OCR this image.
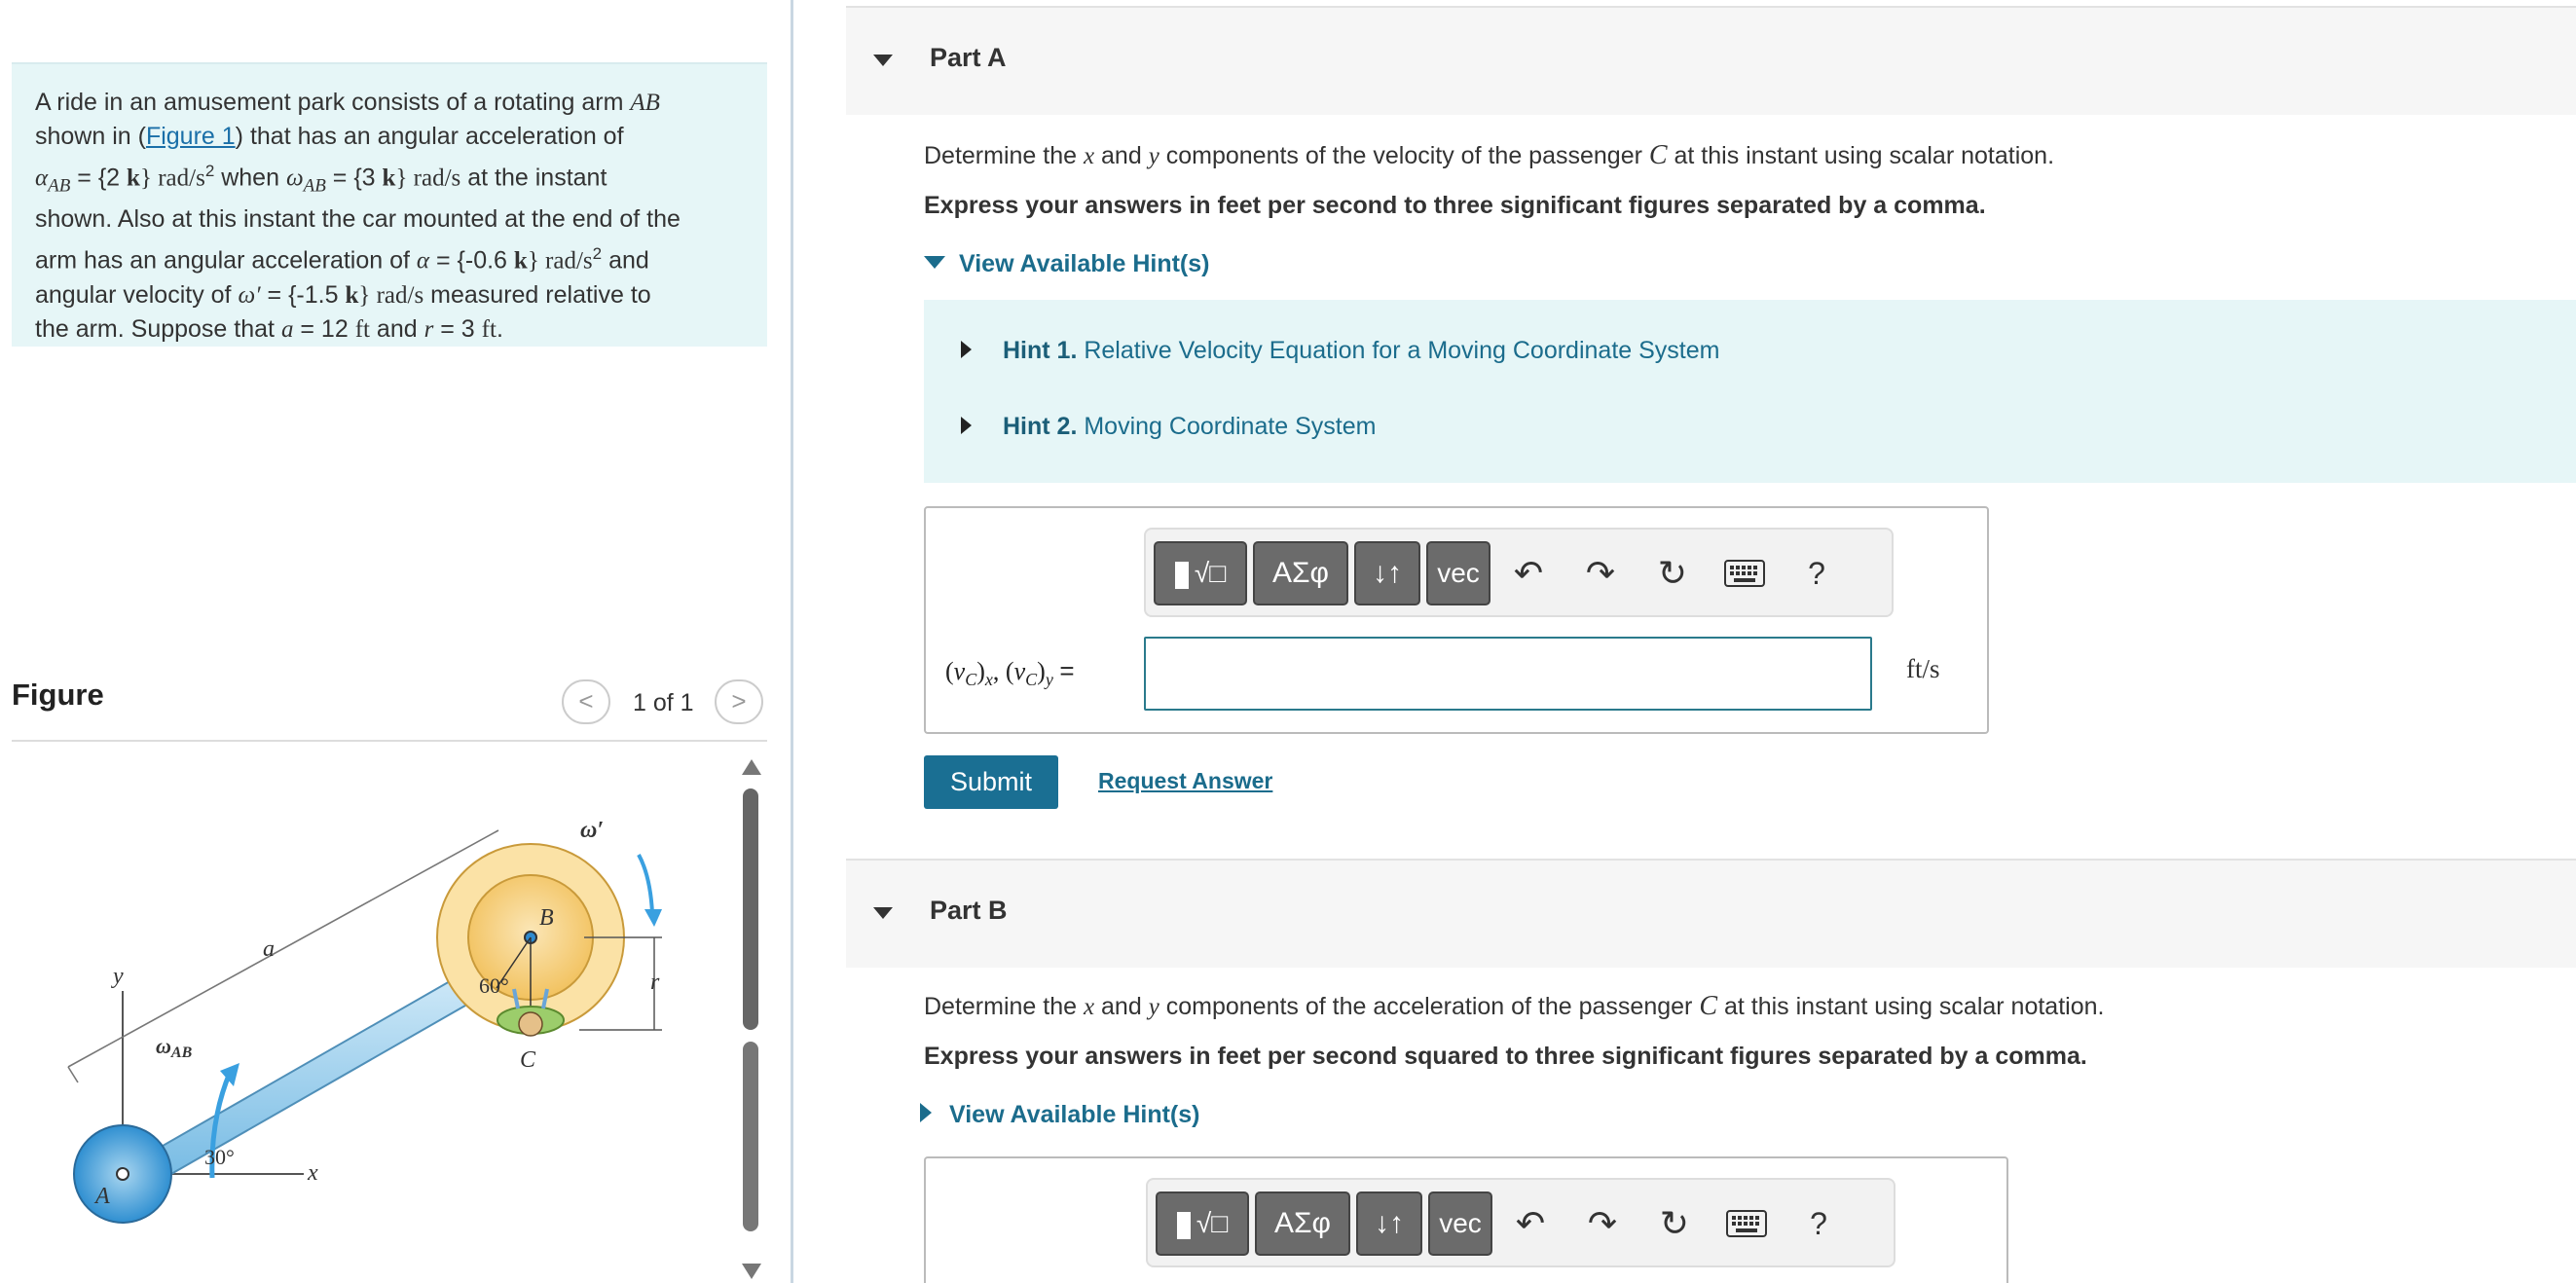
A ride in an amusement park consists of a rotating arm AB
shown in (Figure 1) that has an angular acceleration of
$\alpha_{AB} = \{2$ k} rad/$s^2$ when $\omega_{AB} = \{3$ k} rad/s at the instant
shown. Also at this instant the car mounted at the end of the
arm has an angular acceleration of α = {-0.6 k} rad/$s^2$ and
angular velocity of ω′ = {-1.5 k} rad/s measured relative to
the arm. Suppose that a = 12 ft and r = 3 ft.
Figure	<	1 of 1	>
ω′
B
a
y	r
60°
C
ωAB
30°
x
A
Part A
Determine the x and y components of the velocity of the passenger C at this instant using scalar notation.
Express your answers in feet per second to three significant figures separated by a comma.
View Available Hint(s)
Hint 1. Relative Velocity Equation for a Moving Coordinate System
Hint 2. Moving Coordinate System
√□	ΑΣφ	↓↑	vec ↶	↷	↻	?
$(v_C)_x$, $(v_C)_y$ =	ft/s
Submit	Request Answer
Part B
Determine the x and y components of the acceleration of the passenger C at this instant using scalar notation.
Express your answers in feet per second squared to three significant figures separated by a comma.
View Available Hint(s)
√□	ΑΣφ	↓↑	vec ↶	↷	↻	?
